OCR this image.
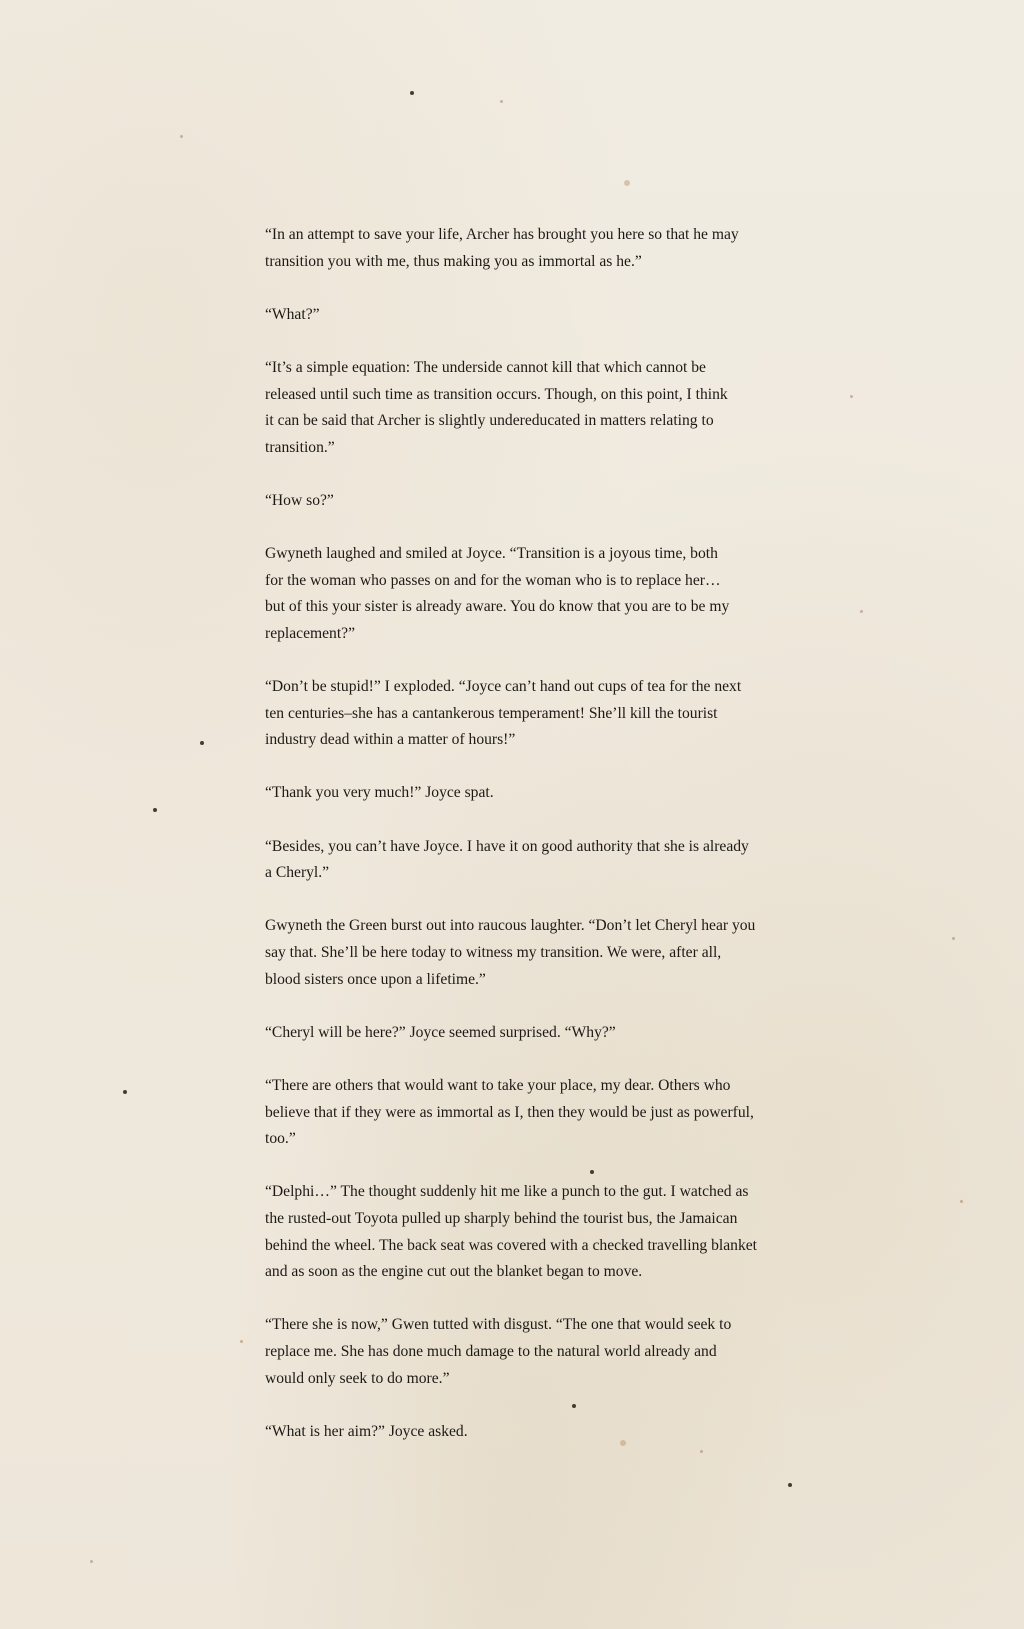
“In an attempt to save your life, Archer has brought you here so that he may
transition you with me, thus making you as immortal as he.”

“What?”

“It’s a simple equation: The underside cannot kill that which cannot be
released until such time as transition occurs. Though, on this point, I think
it can be said that Archer is slightly undereducated in matters relating to
transition.”

“How so?”

Gwyneth laughed and smiled at Joyce. “Transition is a joyous time, both
for the woman who passes on and for the woman who is to replace her…
but of this your sister is already aware. You do know that you are to be my
replacement?”

“Don’t be stupid!” I exploded. “Joyce can’t hand out cups of tea for the next
ten centuries–she has a cantankerous temperament! She’ll kill the tourist
industry dead within a matter of hours!”

“Thank you very much!” Joyce spat.

“Besides, you can’t have Joyce. I have it on good authority that she is already
a Cheryl.”

Gwyneth the Green burst out into raucous laughter. “Don’t let Cheryl hear you
say that. She’ll be here today to witness my transition. We were, after all,
blood sisters once upon a lifetime.”

“Cheryl will be here?” Joyce seemed surprised. “Why?”

“There are others that would want to take your place, my dear. Others who
believe that if they were as immortal as I, then they would be just as powerful,
too.”

“Delphi…” The thought suddenly hit me like a punch to the gut. I watched as
the rusted-out Toyota pulled up sharply behind the tourist bus, the Jamaican
behind the wheel. The back seat was covered with a checked travelling blanket
and as soon as the engine cut out the blanket began to move.

“There she is now,” Gwen tutted with disgust. “The one that would seek to
replace me. She has done much damage to the natural world already and
would only seek to do more.”

“What is her aim?” Joyce asked.
